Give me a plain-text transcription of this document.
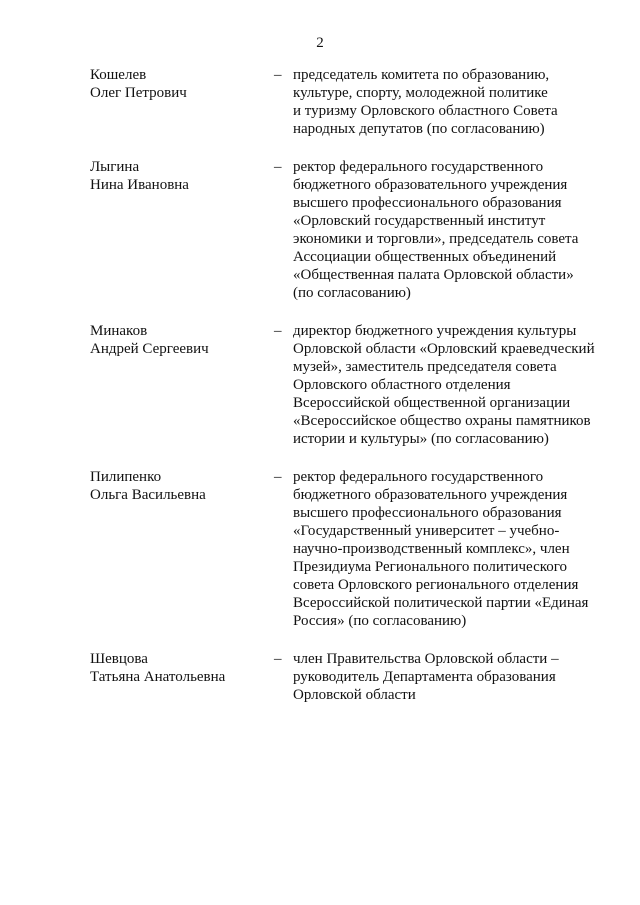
2
Кошелев
Олег Петрович
– председатель комитета по образованию,
культуре, спорту, молодежной политике
и туризму Орловского областного Совета
народных депутатов (по согласованию)
Лыгина
Нина Ивановна
– ректор федерального государственного
бюджетного образовательного учреждения
высшего профессионального образования
«Орловский государственный институт
экономики и торговли», председатель совета
Ассоциации общественных объединений
«Общественная палата Орловской области»
(по согласованию)
Минаков
Андрей Сергеевич
– директор бюджетного учреждения культуры
Орловской области «Орловский краеведческий
музей», заместитель председателя совета
Орловского областного отделения
Всероссийской общественной организации
«Всероссийское общество охраны памятников
истории и культуры» (по согласованию)
Пилипенко
Ольга Васильевна
– ректор федерального государственного
бюджетного образовательного учреждения
высшего профессионального образования
«Государственный университет – учебно-
научно-производственный комплекс», член
Президиума Регионального политического
совета Орловского регионального отделения
Всероссийской политической партии «Единая
Россия» (по согласованию)
Шевцова
Татьяна Анатольевна
– член Правительства Орловской области –
руководитель Департамента образования
Орловской области
